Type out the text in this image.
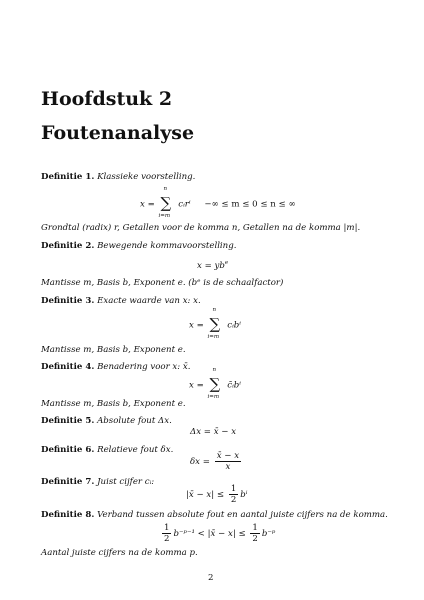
Hoofdstuk 2
Foutenanalyse
Definitie 1. Klassieke voorstelling.
x =
n
∑
i=m
cᵢrⁱ −∞ ≤ m ≤ 0 ≤ n ≤ ∞
Grondtal (radix) r, Getallen voor de komma n, Getallen na de komma |m|.
Definitie 2. Bewegende kommavoorstelling.
$x = yb^e$
Mantisse m, Basis b, Exponent e. (bᵉ is de schaalfactor)
Definitie 3. Exacte waarde van x: x.
x =
n
∑
i=m
cᵢbⁱ
Mantisse m, Basis b, Exponent e.
Definitie 4. Benadering voor x: x̄.
x =
n
∑
i=m
c̄ᵢbⁱ
Mantisse m, Basis b, Exponent e.
Definitie 5. Absolute fout Δx.
Δx = x̄ − x
Definitie 6. Relatieve fout δx.
$\delta x = \frac{x̄ - x}{x}$
Definitie 7. Juist cijfer cᵢ:
|x̄ − $x| \le \frac{1}{2}$ bⁱ
Definitie 8. Verband tussen absolute fout en aantal juiste cijfers na de komma.
$\frac{1}{2}$ b⁻ᵖ⁻¹ < |x̄ − $x| \le \frac{1}{2}$ b⁻ᵖ
Aantal juiste cijfers na de komma p.
2
